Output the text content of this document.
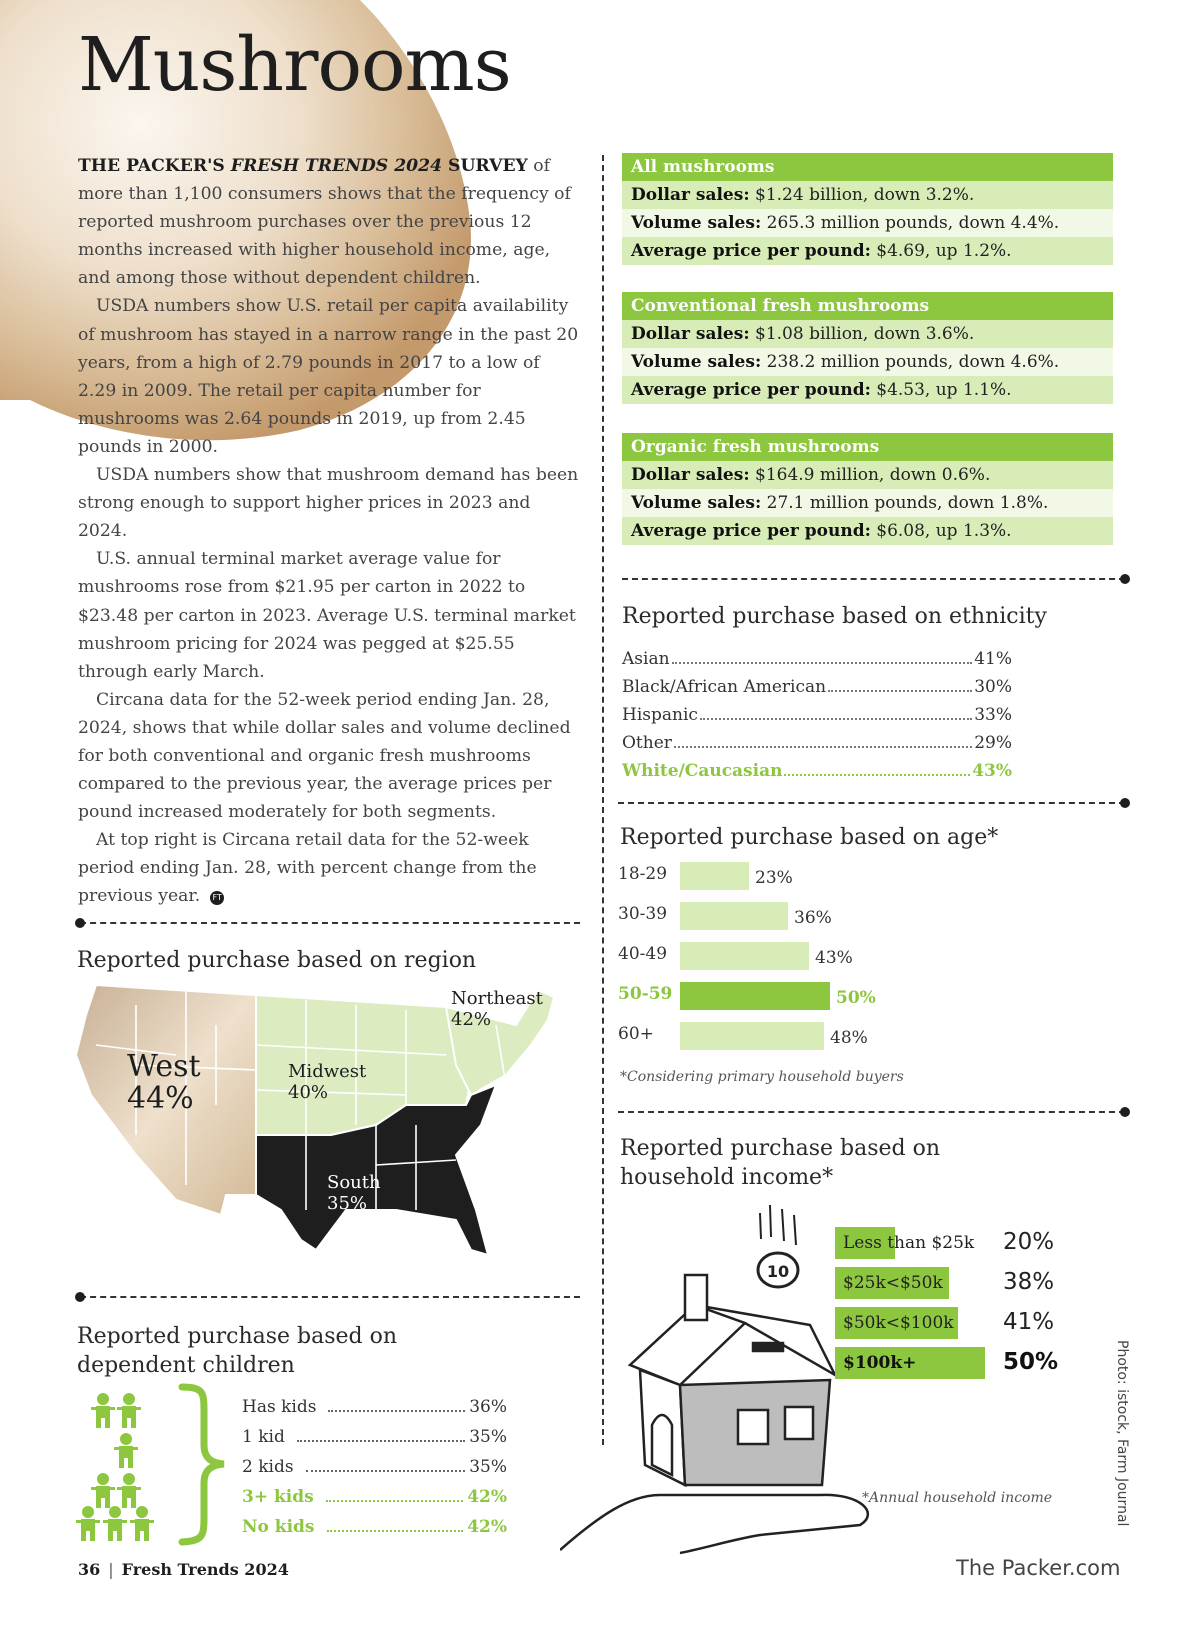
Mushrooms

THE PACKER'S FRESH TRENDS 2024 SURVEY of more than 1,100 consumers shows that the frequency of reported mushroom purchases over the previous 12 months increased with higher household income, age, and among those without dependent children.

USDA numbers show U.S. retail per capita availability of mushroom has stayed in a narrow range in the past 20 years, from a high of 2.79 pounds in 2017 to a low of 2.29 in 2009. The retail per capita number for mushrooms was 2.64 pounds in 2019, up from 2.45 pounds in 2000.

USDA numbers show that mushroom demand has been strong enough to support higher prices in 2023 and 2024.

U.S. annual terminal market average value for mushrooms rose from $21.95 per carton in 2022 to $23.48 per carton in 2023. Average U.S. terminal market mushroom pricing for 2024 was pegged at $25.55 through early March.

Circana data for the 52-week period ending Jan. 28, 2024, shows that while dollar sales and volume declined for both conventional and organic fresh mushrooms compared to the previous year, the average prices per pound increased moderately for both segments.

At top right is Circana retail data for the 52-week period ending Jan. 28, with percent change from the previous year. FT

All mushrooms
Dollar sales: $1.24 billion, down 3.2%.
Volume sales: 265.3 million pounds, down 4.4%.
Average price per pound: $4.69, up 1.2%.
Conventional fresh mushrooms
Dollar sales: $1.08 billion, down 3.6%.
Volume sales: 238.2 million pounds, down 4.6%.
Average price per pound: $4.53, up 1.1%.
Organic fresh mushrooms
Dollar sales: $164.9 million, down 0.6%.
Volume sales: 27.1 million pounds, down 1.8%.
Average price per pound: $6.08, up 1.3%.
Reported purchase based on ethnicity
Asian	41%
Black/African American	30%
Hispanic	33%
Other	29%
White/Caucasian	43%
Reported purchase based on age*
18-29	23%
30-39	36%
40-49	43%
50-59	50%
60+	48%
*Considering primary household buyers
Reported purchase based on
household income*
10
Less than $25k 20%
$25k<$50k	38%
$50k<$100k 41%
$100k+	50%
*Annual household income
Reported purchase based on region
West
44%
Midwest
40%
Northeast
42%
South
35%
Reported purchase based on
dependent children
Has kids	36%
1 kid	35%
2 kids	35%
3+ kids	42%
No kids	42%
36 | Fresh Trends 2024	The Packer.com
Photo: istock, Farm Journal
